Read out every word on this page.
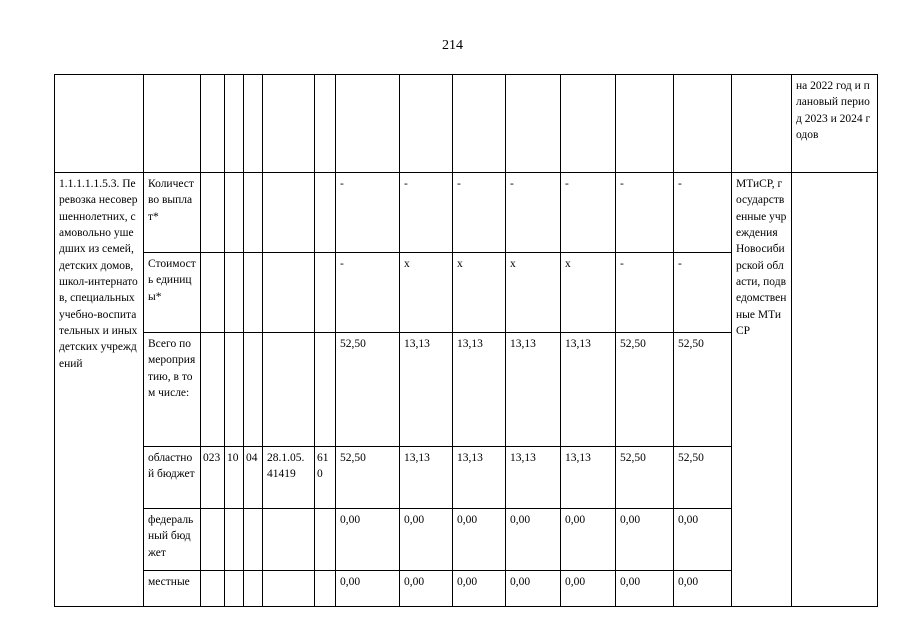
214
															на 2022 год и плановый период 2023 и 2024 годов
1.1.1.1.1.5.3. Перевозка несовершеннолетних, самовольно ушедших из семей, детских домов, школ-интернатов, специальных учебно-воспитательных и иных детских учреждений	Количество выплат*						-	-	-	-	-	-	-	МТиСР, государственные учреждения Новосибирской области, подведомственные МТиСР	
	Стоимость единицы*						-	х	х	х	х	-	-		
	Всего по мероприятию, в том числе:						52,50	13,13	13,13	13,13	13,13	52,50	52,50		
	областной бюджет	023	10	04	28.1.05.41419	610	52,50	13,13	13,13	13,13	13,13	52,50	52,50		
	федеральный бюджет						0,00	0,00	0,00	0,00	0,00	0,00	0,00		
	местные						0,00	0,00	0,00	0,00	0,00	0,00	0,00		
